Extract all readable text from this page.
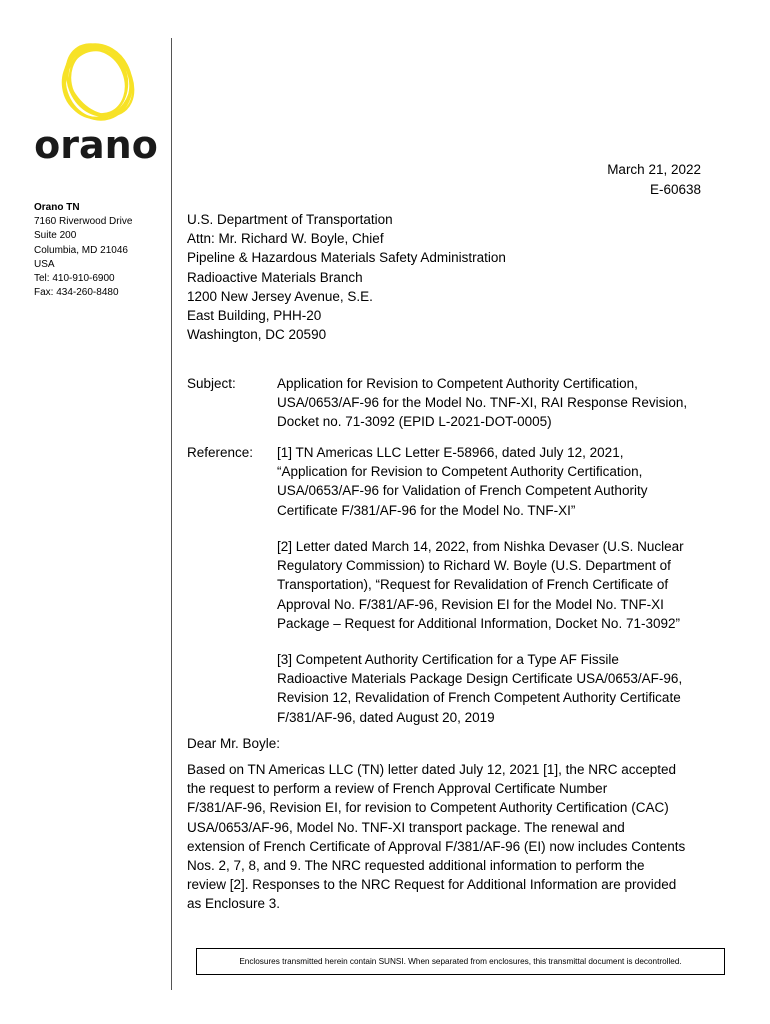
orano
Orano TN
7160 Riverwood Drive
Suite 200
Columbia, MD 21046
USA
Tel: 410-910-6900
Fax: 434-260-8480
March 21, 2022
E-60638
U.S. Department of Transportation
Attn: Mr. Richard W. Boyle, Chief
Pipeline & Hazardous Materials Safety Administration
Radioactive Materials Branch
1200 New Jersey Avenue, S.E.
East Building, PHH-20
Washington, DC 20590
Subject:	Application for Revision to Competent Authority Certification,
USA/0653/AF-96 for the Model No. TNF-XI, RAI Response Revision,
Docket no. 71-3092 (EPID L-2021-DOT-0005)
Reference: [1] TN Americas LLC Letter E-58966, dated July 12, 2021,
“Application for Revision to Competent Authority Certification,
USA/0653/AF-96 for Validation of French Competent Authority
Certificate F/381/AF-96 for the Model No. TNF-XI”
[2] Letter dated March 14, 2022, from Nishka Devaser (U.S. Nuclear
Regulatory Commission) to Richard W. Boyle (U.S. Department of
Transportation), “Request for Revalidation of French Certificate of
Approval No. F/381/AF-96, Revision EI for the Model No. TNF-XI
Package – Request for Additional Information, Docket No. 71-3092”
[3] Competent Authority Certification for a Type AF Fissile
Radioactive Materials Package Design Certificate USA/0653/AF-96,
Revision 12, Revalidation of French Competent Authority Certificate
F/381/AF-96, dated August 20, 2019
Dear Mr. Boyle:
Based on TN Americas LLC (TN) letter dated July 12, 2021 [1], the NRC accepted
the request to perform a review of French Approval Certificate Number
F/381/AF-96, Revision EI, for revision to Competent Authority Certification (CAC)
USA/0653/AF-96, Model No. TNF-XI transport package. The renewal and
extension of French Certificate of Approval F/381/AF-96 (EI) now includes Contents
Nos. 2, 7, 8, and 9. The NRC requested additional information to perform the
review [2]. Responses to the NRC Request for Additional Information are provided
as Enclosure 3.
Enclosures transmitted herein contain SUNSI. When separated from enclosures, this transmittal document is decontrolled.
